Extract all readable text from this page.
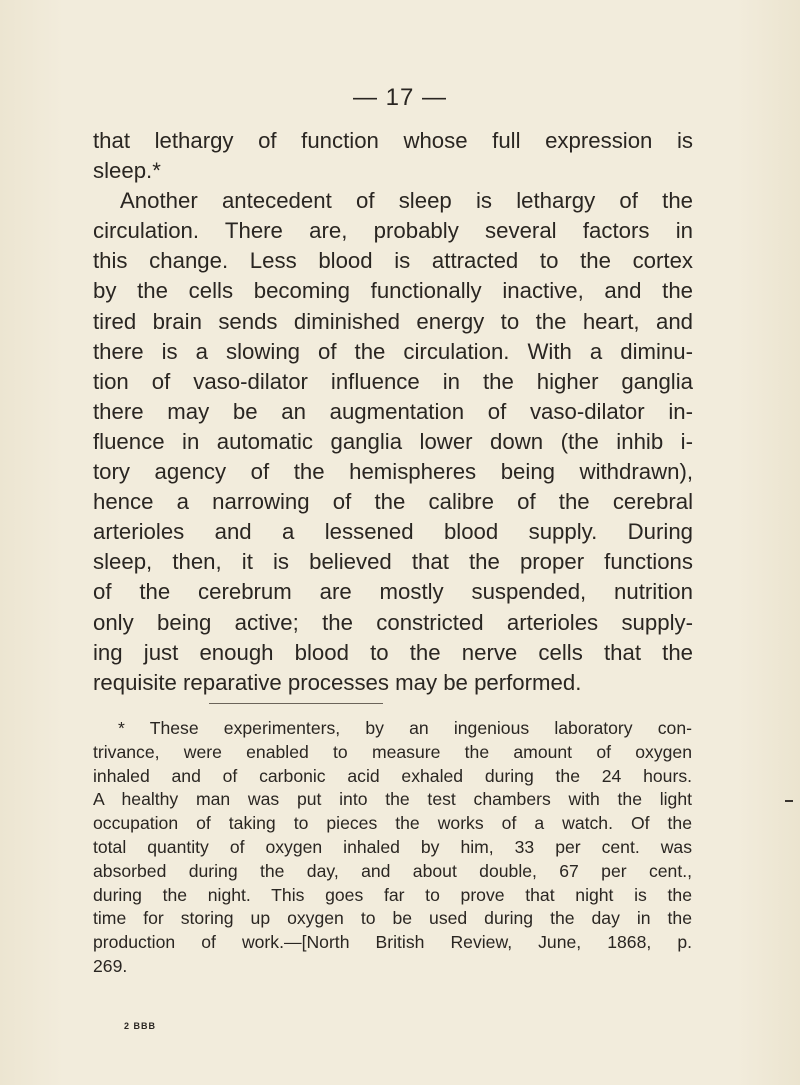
— 17 —
that lethargy of function whose full expression is
sleep.*
Another antecedent of sleep is lethargy of the
circulation. There are, probably several factors in
this change. Less blood is attracted to the cortex
by the cells becoming functionally inactive, and the
tired brain sends diminished energy to the heart, and
there is a slowing of the circulation. With a diminu-
tion of vaso-dilator influence in the higher ganglia
there may be an augmentation of vaso-dilator in-
fluence in automatic ganglia lower down (the inhib i-
tory agency of the hemispheres being withdrawn),
hence a narrowing of the calibre of the cerebral
arterioles and a lessened blood supply. During
sleep, then, it is believed that the proper functions
of the cerebrum are mostly suspended, nutrition
only being active; the constricted arterioles supply-
ing just enough blood to the nerve cells that the
requisite reparative processes may be performed.
* These experimenters, by an ingenious laboratory con-
trivance, were enabled to measure the amount of oxygen
inhaled and of carbonic acid exhaled during the 24 hours.
A healthy man was put into the test chambers with the light
occupation of taking to pieces the works of a watch. Of the
total quantity of oxygen inhaled by him, 33 per cent. was
absorbed during the day, and about double, 67 per cent.,
during the night. This goes far to prove that night is the
time for storing up oxygen to be used during the day in the
production of work.—[North British Review, June, 1868, p.
269.
2 BBB
